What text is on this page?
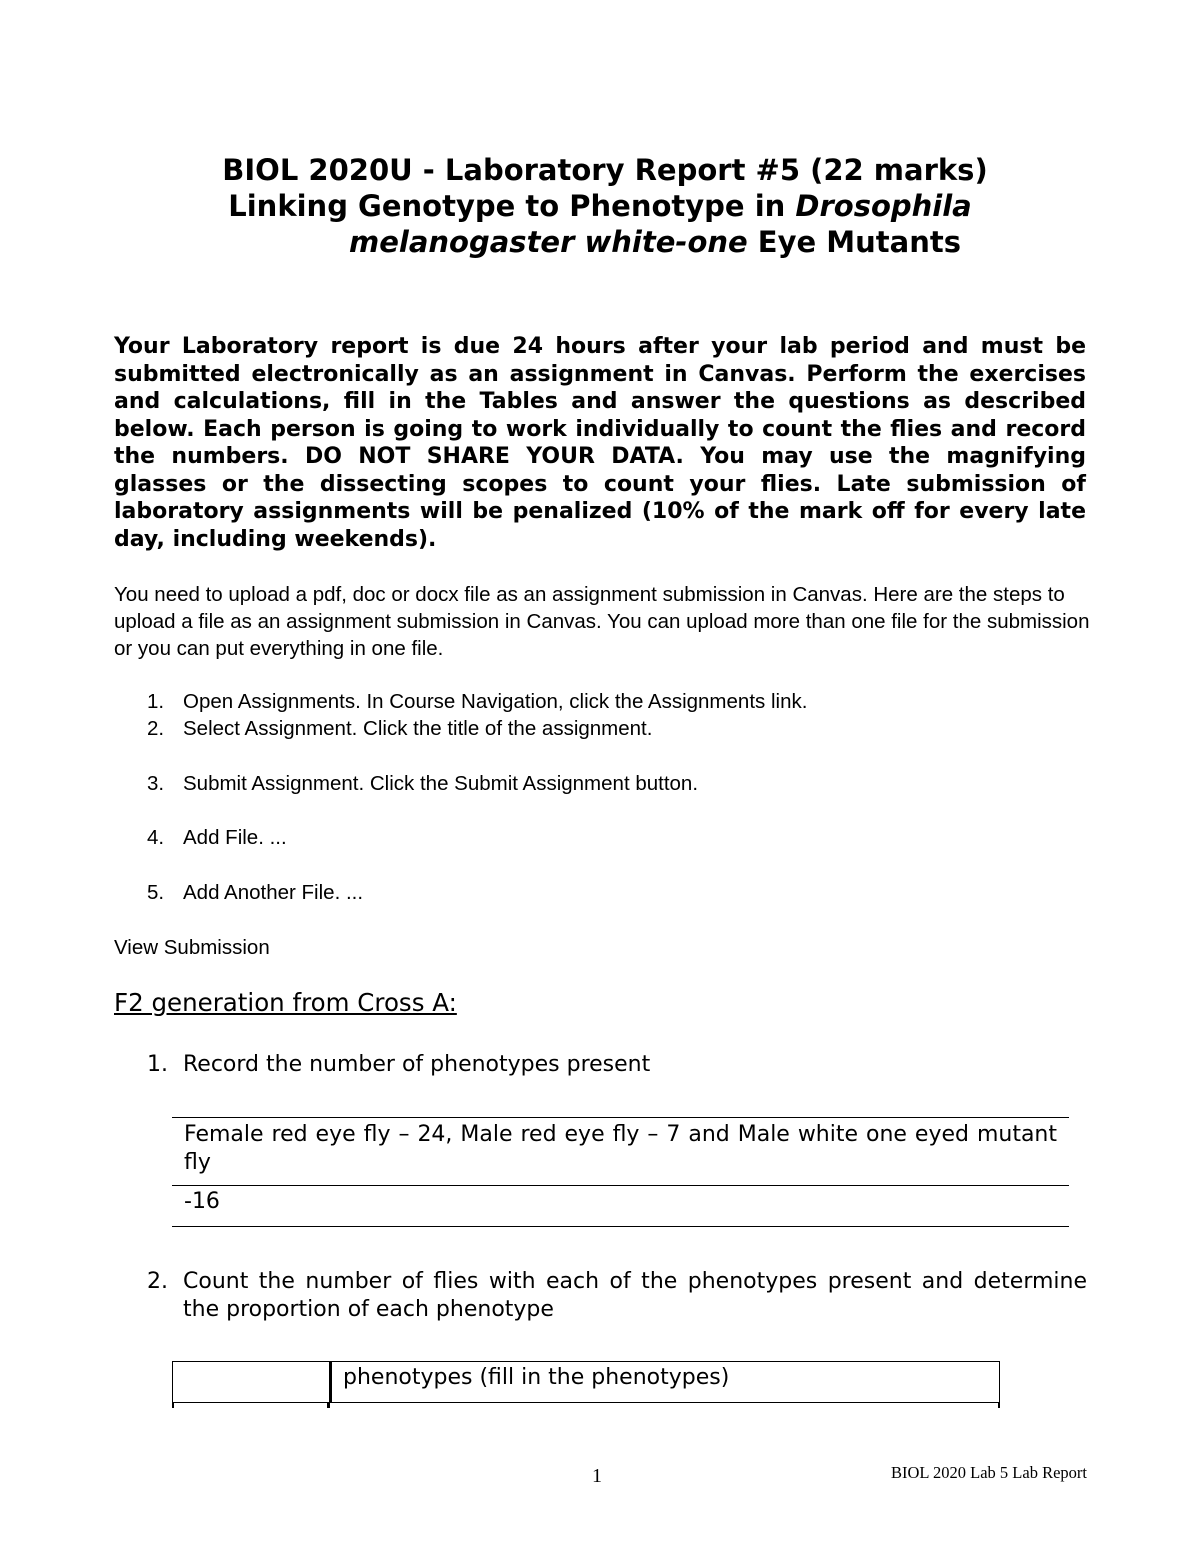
BIOL 2020U - Laboratory Report #5 (22 marks)
Linking Genotype to Phenotype in Drosophila
melanogaster white-one Eye Mutants
Your Laboratory report is due 24 hours after your lab period and must be submitted electronically as an assignment in Canvas. Perform the exercises and calculations, fill in the Tables and answer the questions as described below. Each person is going to work individually to count the flies and record the numbers. DO NOT SHARE YOUR DATA. You may use the magnifying glasses or the dissecting scopes to count your flies. Late submission of laboratory assignments will be penalized (10% of the mark off for every late day, including weekends).
You need to upload a pdf, doc or docx file as an assignment submission in Canvas. Here are the steps to upload a file as an assignment submission in Canvas. You can upload more than one file for the submission or you can put everything in one file.
1. Open Assignments. In Course Navigation, click the Assignments link.
2. Select Assignment. Click the title of the assignment.
3. Submit Assignment. Click the Submit Assignment button.
4. Add File. ...
5. Add Another File. ...
View Submission
F2 generation from Cross A:
1. Record the number of phenotypes present
Female red eye fly – 24, Male red eye fly – 7 and Male white one eyed mutant fly
-16
2. Count the number of flies with each of the phenotypes present and determine the proportion of each phenotype
phenotypes (fill in the phenotypes)
1	BIOL 2020 Lab 5 Lab Report
